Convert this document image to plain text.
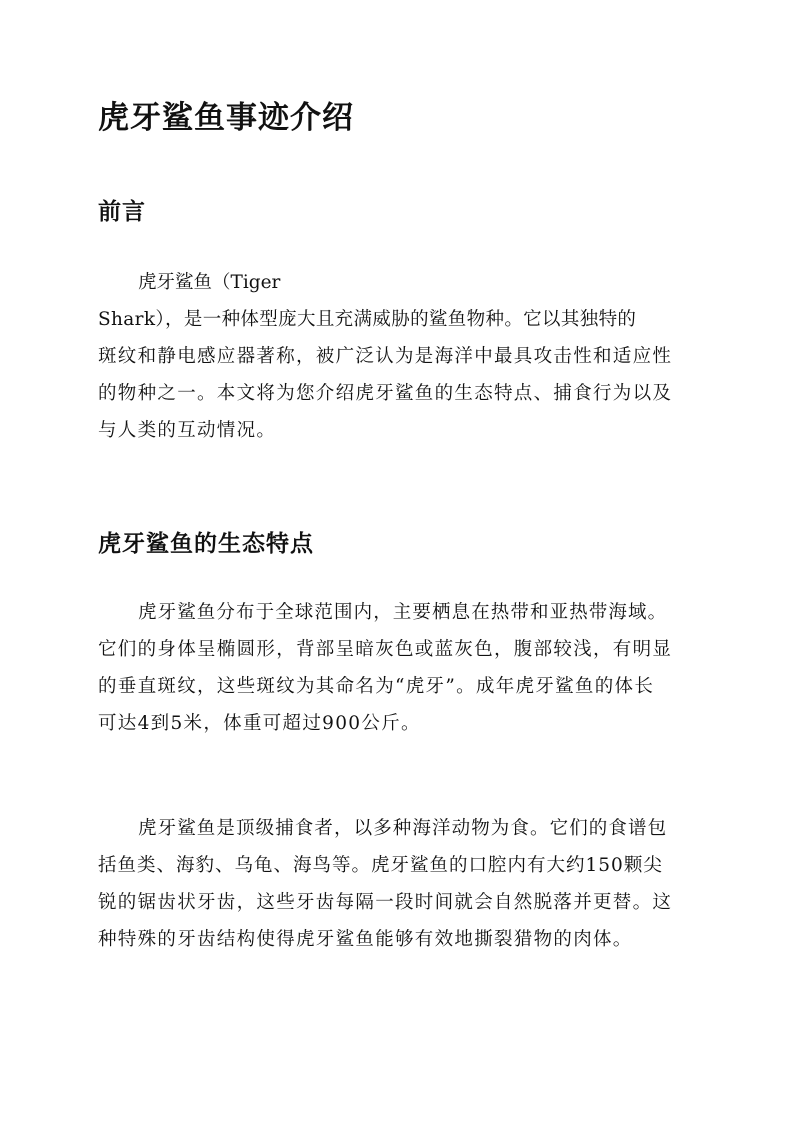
虎牙鲨鱼事迹介绍
前言
虎牙鲨鱼（Tiger
Shark），是一种体型庞大且充满威胁的鲨鱼物种。它以其独特的
斑纹和静电感应器著称，被广泛认为是海洋中最具攻击性和适应性
的物种之一。本文将为您介绍虎牙鲨鱼的生态特点、捕食行为以及
与人类的互动情况。
虎牙鲨鱼的生态特点
虎牙鲨鱼分布于全球范围内，主要栖息在热带和亚热带海域。
它们的身体呈椭圆形，背部呈暗灰色或蓝灰色，腹部较浅，有明显
的垂直斑纹，这些斑纹为其命名为“虎牙”。成年虎牙鲨鱼的体长
可达4到5米，体重可超过900公斤。
虎牙鲨鱼是顶级捕食者，以多种海洋动物为食。它们的食谱包
括鱼类、海豹、乌龟、海鸟等。虎牙鲨鱼的口腔内有大约150颗尖
锐的锯齿状牙齿，这些牙齿每隔一段时间就会自然脱落并更替。这
种特殊的牙齿结构使得虎牙鲨鱼能够有效地撕裂猎物的肉体。
